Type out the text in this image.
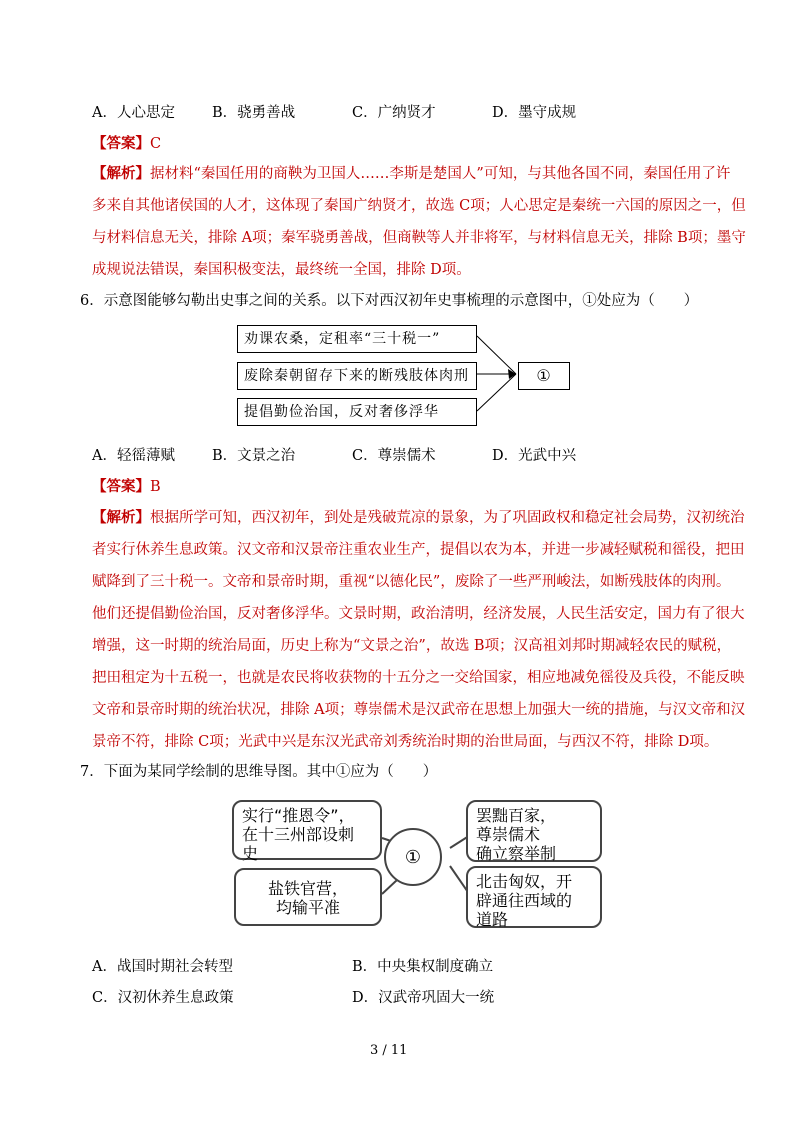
A．人心思定	B．骁勇善战	C．广纳贤才	D．墨守成规
【答案】C
【解析】据材料“秦国任用的商鞅为卫国人……李斯是楚国人”可知，与其他各国不同，秦国任用了许
多来自其他诸侯国的人才，这体现了秦国广纳贤才，故选 C项；人心思定是秦统一六国的原因之一，但
与材料信息无关，排除 A项；秦军骁勇善战，但商鞅等人并非将军，与材料信息无关，排除 B项；墨守
成规说法错误，秦国积极变法，最终统一全国，排除 D项。
6．示意图能够勾勒出史事之间的关系。以下对西汉初年史事梳理的示意图中，①处应为（　　）
劝课农桑，定租率“三十税一”
废除秦朝留存下来的断残肢体肉刑
提倡勤俭治国，反对奢侈浮华
①
A．轻徭薄赋	B．文景之治	C．尊崇儒术	D．光武中兴
【答案】B
【解析】根据所学可知，西汉初年，到处是残破荒凉的景象，为了巩固政权和稳定社会局势，汉初统治
者实行休养生息政策。汉文帝和汉景帝注重农业生产，提倡以农为本，并进一步减轻赋税和徭役，把田
赋降到了三十税一。文帝和景帝时期，重视“以德化民”，废除了一些严刑峻法，如断残肢体的肉刑。
他们还提倡勤俭治国，反对奢侈浮华。文景时期，政治清明，经济发展，人民生活安定，国力有了很大
增强，这一时期的统治局面，历史上称为“文景之治”，故选 B项；汉高祖刘邦时期减轻农民的赋税，
把田租定为十五税一，也就是农民将收获物的十五分之一交给国家，相应地减免徭役及兵役，不能反映
文帝和景帝时期的统治状况，排除 A项；尊崇儒术是汉武帝在思想上加强大一统的措施，与汉文帝和汉
景帝不符，排除 C项；光武中兴是东汉光武帝刘秀统治时期的治世局面，与西汉不符，排除 D项。
7．下面为某同学绘制的思维导图。其中①应为（　　）
实行“推恩令”，
在十三州部设刺
史
盐铁官营，
均输平准
①
罢黜百家，
尊崇儒术
确立察举制
北击匈奴，开
辟通往西域的
道路
A．战国时期社会转型	B．中央集权制度确立
C．汉初休养生息政策	D．汉武帝巩固大一统
3 / 11
